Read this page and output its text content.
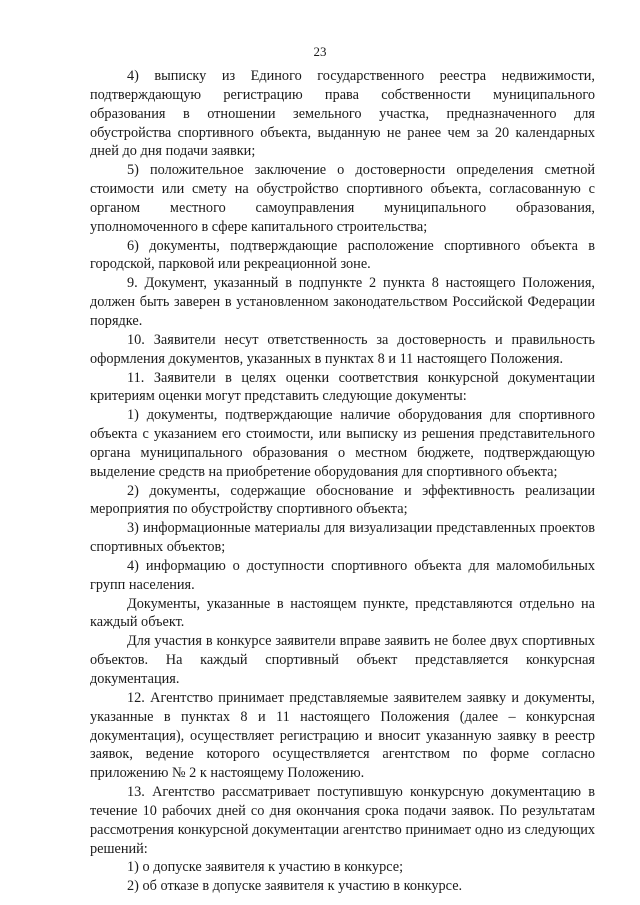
23

4) выписку из Единого государственного реестра недвижимости, подтверждающую регистрацию права собственности муниципального образования в отношении земельного участка, предназначенного для обустройства спортивного объекта, выданную не ранее чем за 20 календарных дней до дня подачи заявки;

5) положительное заключение о достоверности определения сметной стоимости или смету на обустройство спортивного объекта, согласованную с органом местного самоуправления муниципального образования, уполномоченного в сфере капитального строительства;

6) документы, подтверждающие расположение спортивного объекта в городской, парковой или рекреационной зоне.

9. Документ, указанный в подпункте 2 пункта 8 настоящего Положения, должен быть заверен в установленном законодательством Российской Федерации порядке.

10. Заявители несут ответственность за достоверность и правильность оформления документов, указанных в пунктах 8 и 11 настоящего Положения.

11. Заявители в целях оценки соответствия конкурсной документации критериям оценки могут представить следующие документы:

1) документы, подтверждающие наличие оборудования для спортивного объекта с указанием его стоимости, или выписку из решения представительного органа муниципального образования о местном бюджете, подтверждающую выделение средств на приобретение оборудования для спортивного объекта;

2) документы, содержащие обоснование и эффективность реализации мероприятия по обустройству спортивного объекта;

3) информационные материалы для визуализации представленных проектов спортивных объектов;

4) информацию о доступности спортивного объекта для маломобильных групп населения.

Документы, указанные в настоящем пункте, представляются отдельно на каждый объект.

Для участия в конкурсе заявители вправе заявить не более двух спортивных объектов. На каждый спортивный объект представляется конкурсная документация.

12. Агентство принимает представляемые заявителем заявку и документы, указанные в пунктах 8 и 11 настоящего Положения (далее – конкурсная документация), осуществляет регистрацию и вносит указанную заявку в реестр заявок, ведение которого осуществляется агентством по форме согласно приложению № 2 к настоящему Положению.

13. Агентство рассматривает поступившую конкурсную документацию в течение 10 рабочих дней со дня окончания срока подачи заявок. По результатам рассмотрения конкурсной документации агентство принимает одно из следующих решений:

1) о допуске заявителя к участию в конкурсе;

2) об отказе в допуске заявителя к участию в конкурсе.
